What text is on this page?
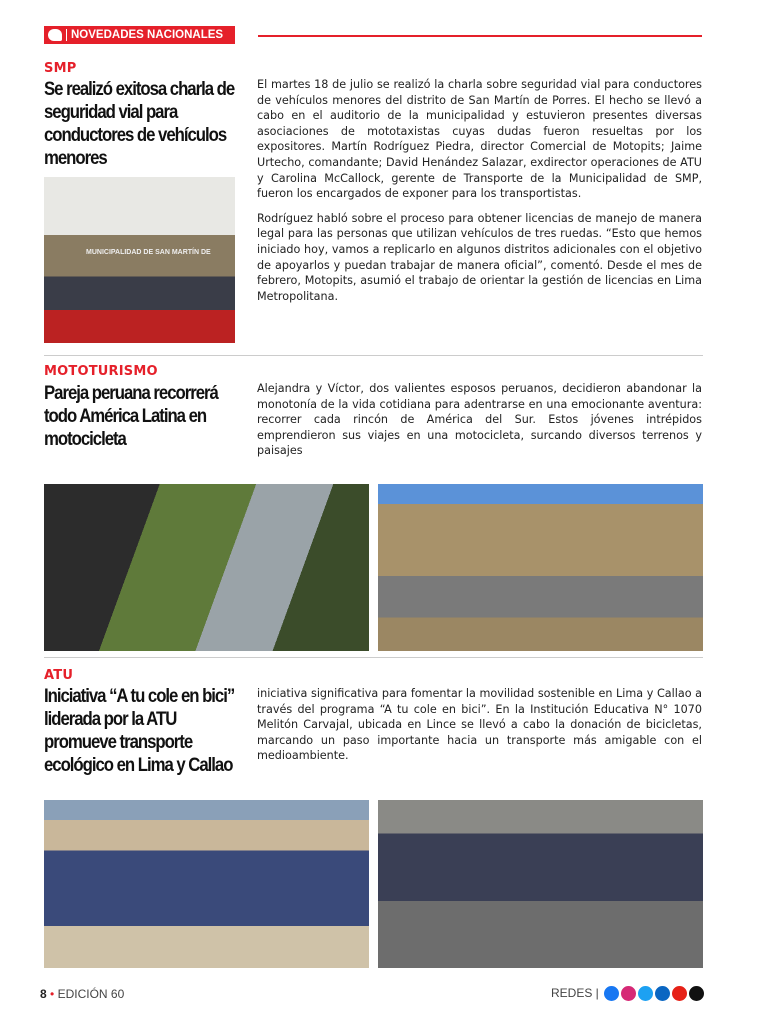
NOVEDADES NACIONALES
SMP
Se realizó exitosa charla de seguridad vial para conductores de vehículos menores
MUNICIPALIDAD DE SAN MARTÍN DE

El martes 18 de julio se realizó la charla sobre seguridad vial para conductores de vehículos menores del distrito de San Martín de Porres. El hecho se llevó a cabo en el auditorio de la municipalidad y estuvieron presentes diversas asociaciones de mototaxistas cuyas dudas fueron resueltas por los expositores. Martín Rodríguez Piedra, director Comercial de Motopits; Jaime Urtecho, comandante; David Henández Salazar, exdirector operaciones de ATU y Carolina McCallock, gerente de Transporte de la Municipalidad de SMP, fueron los encargados de exponer para los transportistas.

Rodríguez habló sobre el proceso para obtener licencias de manejo de manera legal para las personas que utilizan vehículos de tres ruedas. “Esto que hemos iniciado hoy, vamos a replicarlo en algunos distritos adicionales con el objetivo de apoyarlos y puedan trabajar de manera oficial”, comentó. Desde el mes de febrero, Motopits, asumió el trabajo de orientar la gestión de licencias en Lima Metropolitana.

MOTOTURISMO
Pareja peruana recorrerá todo América Latina en motocicleta

Alejandra y Víctor, dos valientes esposos peruanos, decidieron abandonar la monotonía de la vida cotidiana para adentrarse en una emocionante aventura: recorrer cada rincón de América del Sur. Estos jóvenes intrépidos emprendieron sus viajes en una motocicleta, surcando diversos terrenos y paisajes

ATU
Iniciativa “A tu cole en bici” liderada por la ATU promueve transporte ecológico en Lima y Callao

iniciativa significativa para fomentar la movilidad sostenible en Lima y Callao a través del programa “A tu cole en bici”. En la Institución Educativa N° 1070 Melitón Carvajal, ubicada en Lince se llevó a cabo la donación de bicicletas, marcando un paso importante hacia un transporte más amigable con el medioambiente.

8 • EDICIÓN 60	REDES |
